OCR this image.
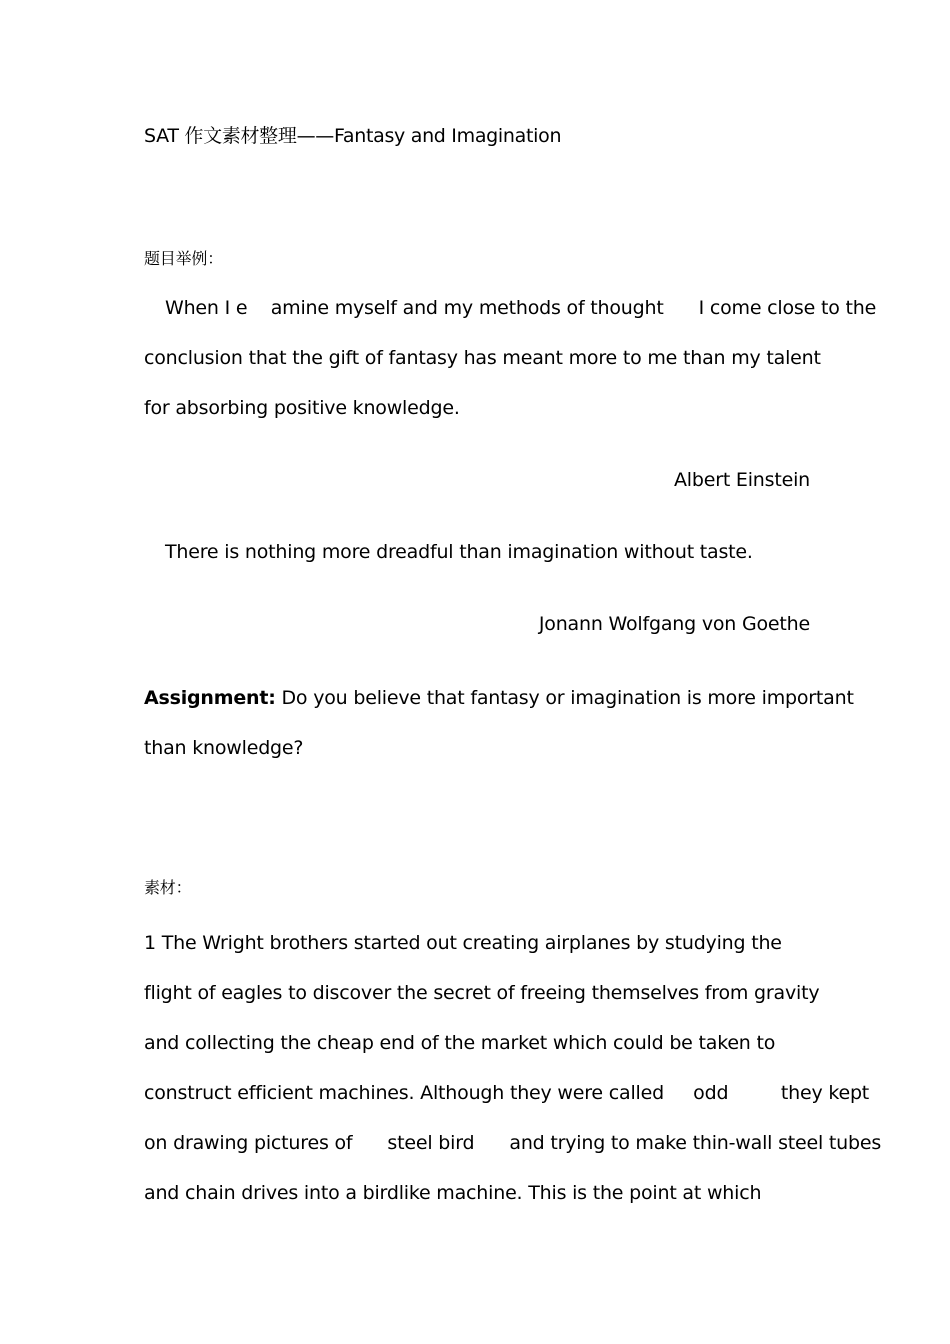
SAT 作文素材整理——Fantasy and Imagination
题目举例：
When I e    amine myself and my methods of thought      I come close to the
conclusion that the gift of fantasy has meant more to me than my talent
for absorbing positive knowledge.
Albert Einstein
There is nothing more dreadful than imagination without taste.
Jonann Wolfgang von Goethe
Assignment: Do you believe that fantasy or imagination is more important
than knowledge?
素材：
1 The Wright brothers started out creating airplanes by studying the
flight of eagles to discover the secret of freeing themselves from gravity
and collecting the cheap end of the market which could be taken to
construct efficient machines. Although they were called     odd         they kept
on drawing pictures of      steel bird      and trying to make thin-wall steel tubes
and chain drives into a birdlike machine. This is the point at which
